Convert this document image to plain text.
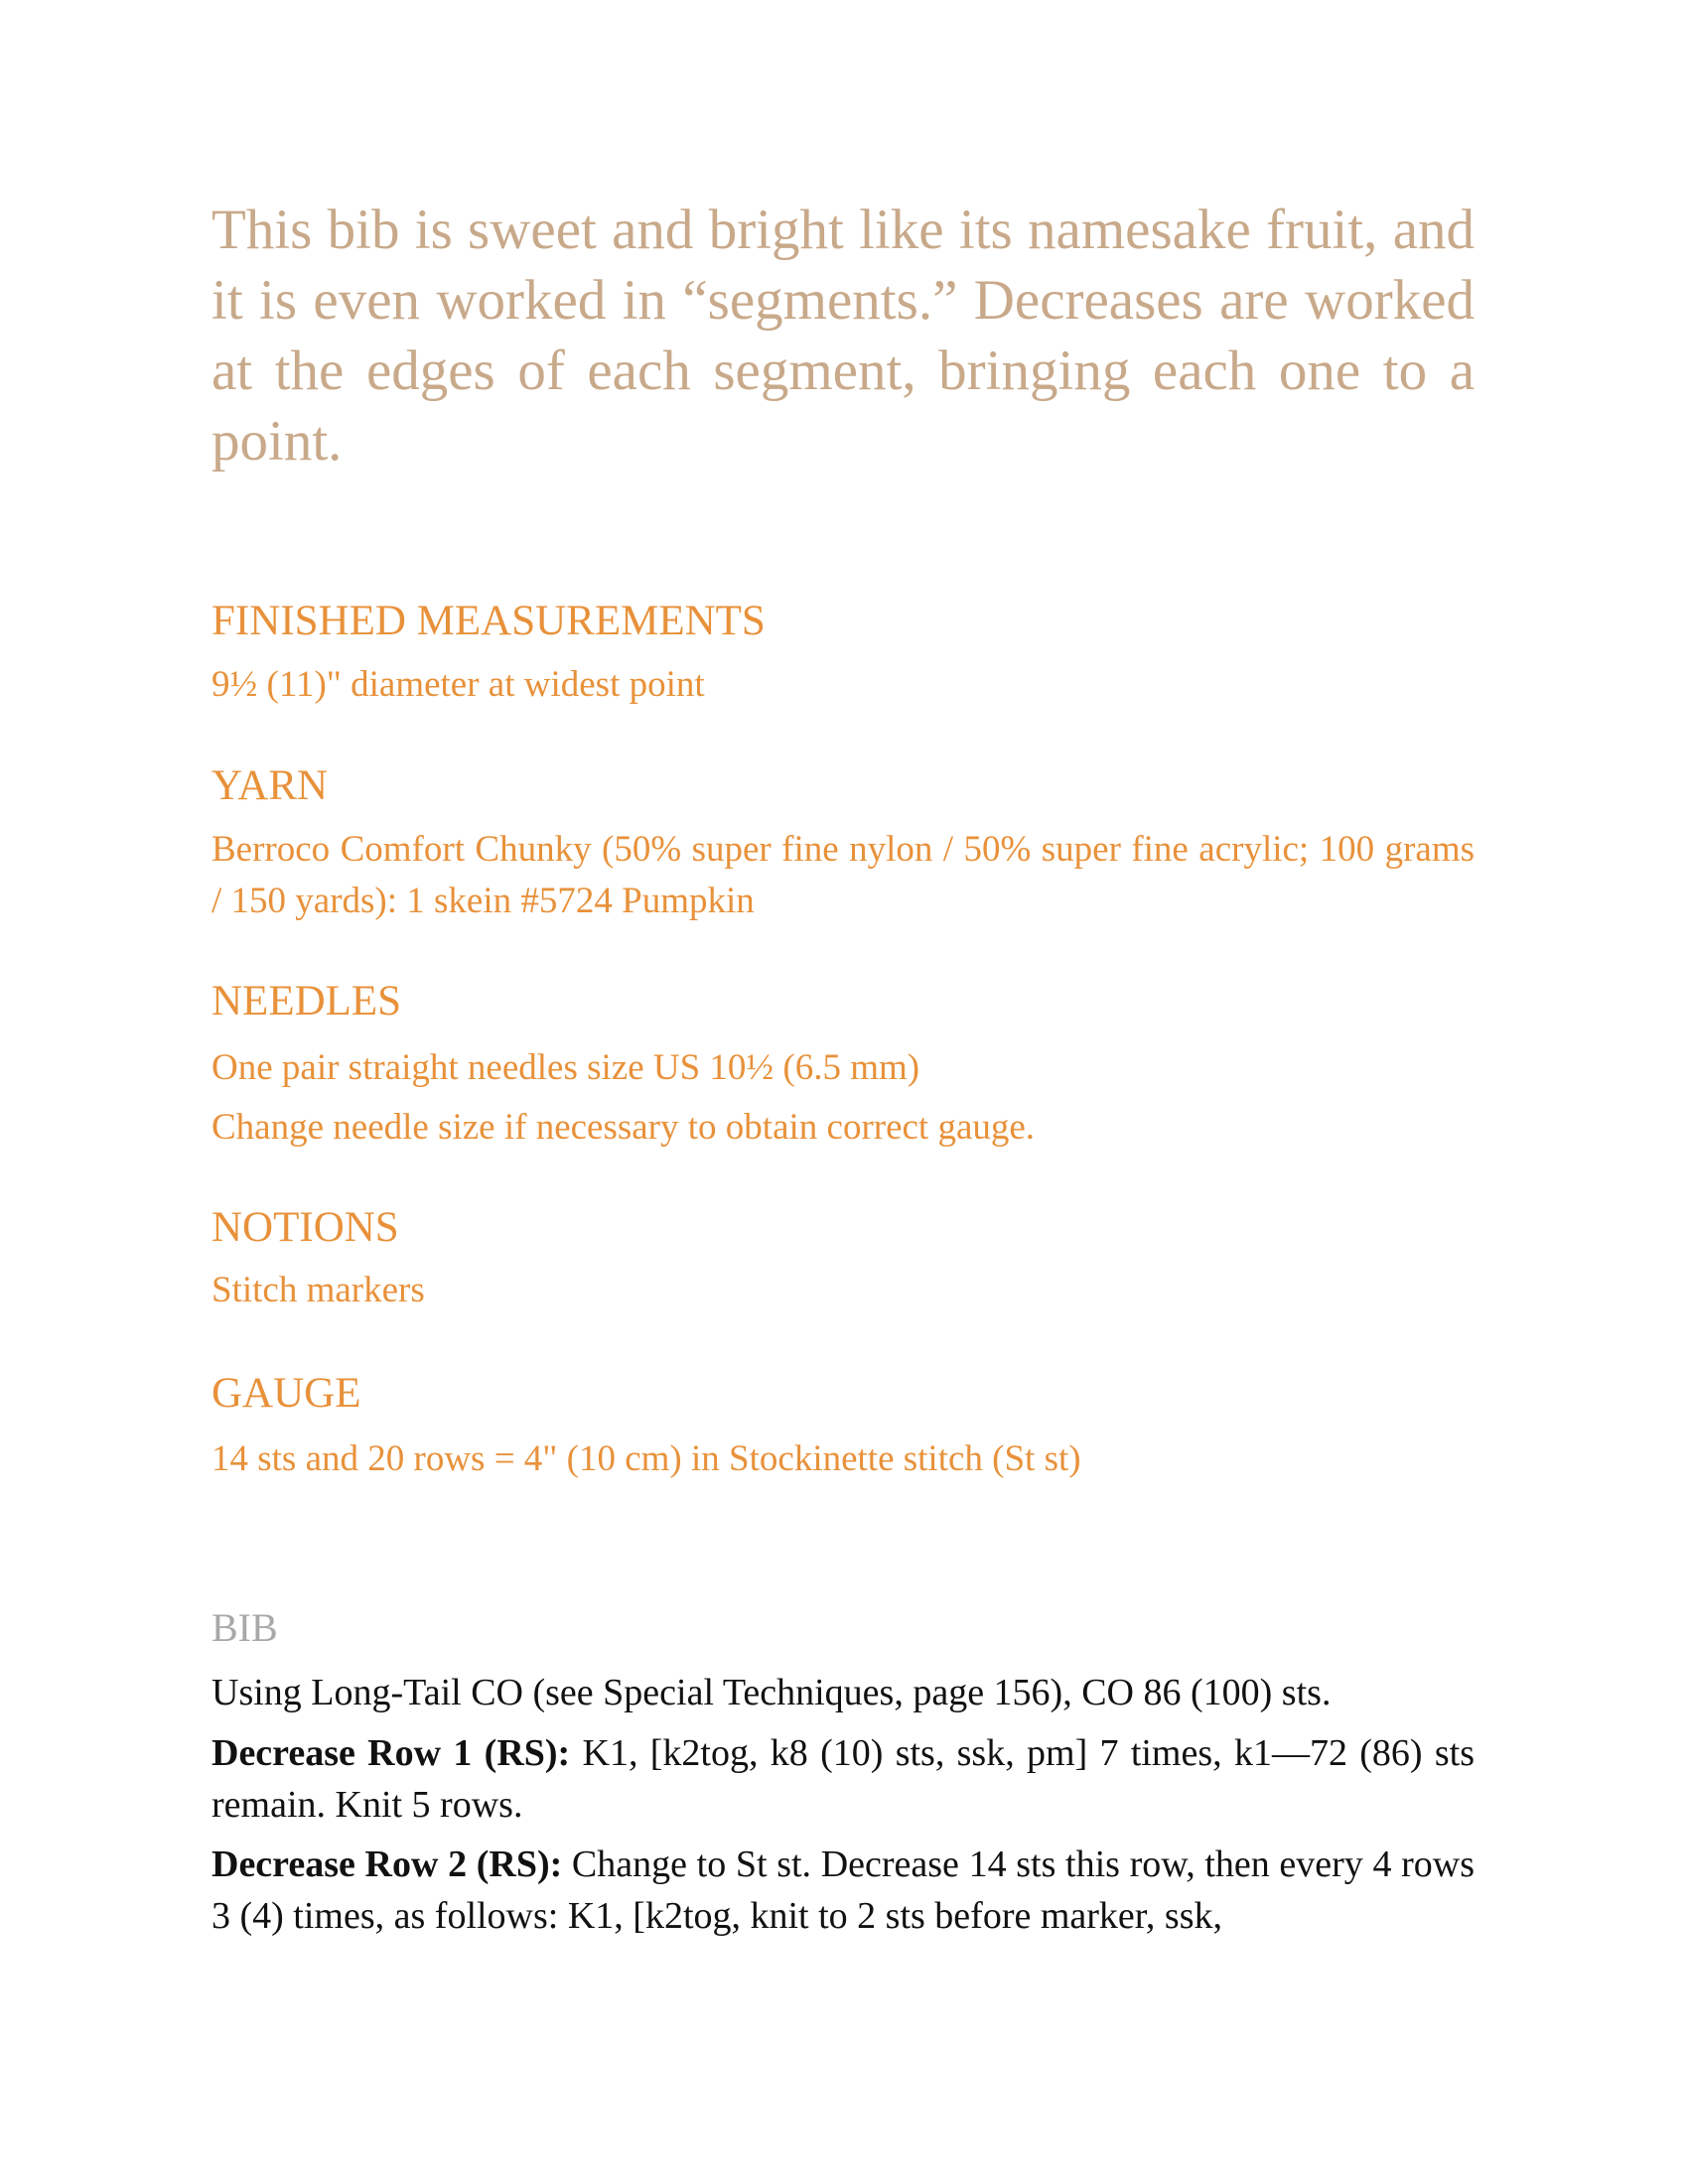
This bib is sweet and bright like its namesake fruit, and it is even worked in “segments.” Decreases are worked at the edges of each segment, bringing each one to a point.

FINISHED MEASUREMENTS

9½ (11)" diameter at widest point

YARN

Berroco Comfort Chunky (50% super fine nylon / 50% super fine acrylic; 100 grams / 150 yards): 1 skein #5724 Pumpkin

NEEDLES

One pair straight needles size US 10½ (6.5 mm)

Change needle size if necessary to obtain correct gauge.

NOTIONS

Stitch markers

GAUGE

14 sts and 20 rows = 4" (10 cm) in Stockinette stitch (St st)

BIB

Using Long-Tail CO (see Special Techniques, page 156), CO 86 (100) sts.

Decrease Row 1 (RS): K1, [k2tog, k8 (10) sts, ssk, pm] 7 times, k1—72 (86) sts remain. Knit 5 rows.

Decrease Row 2 (RS): Change to St st. Decrease 14 sts this row, then every 4 rows 3 (4) times, as follows: K1, [k2tog, knit to 2 sts before marker, ssk,
